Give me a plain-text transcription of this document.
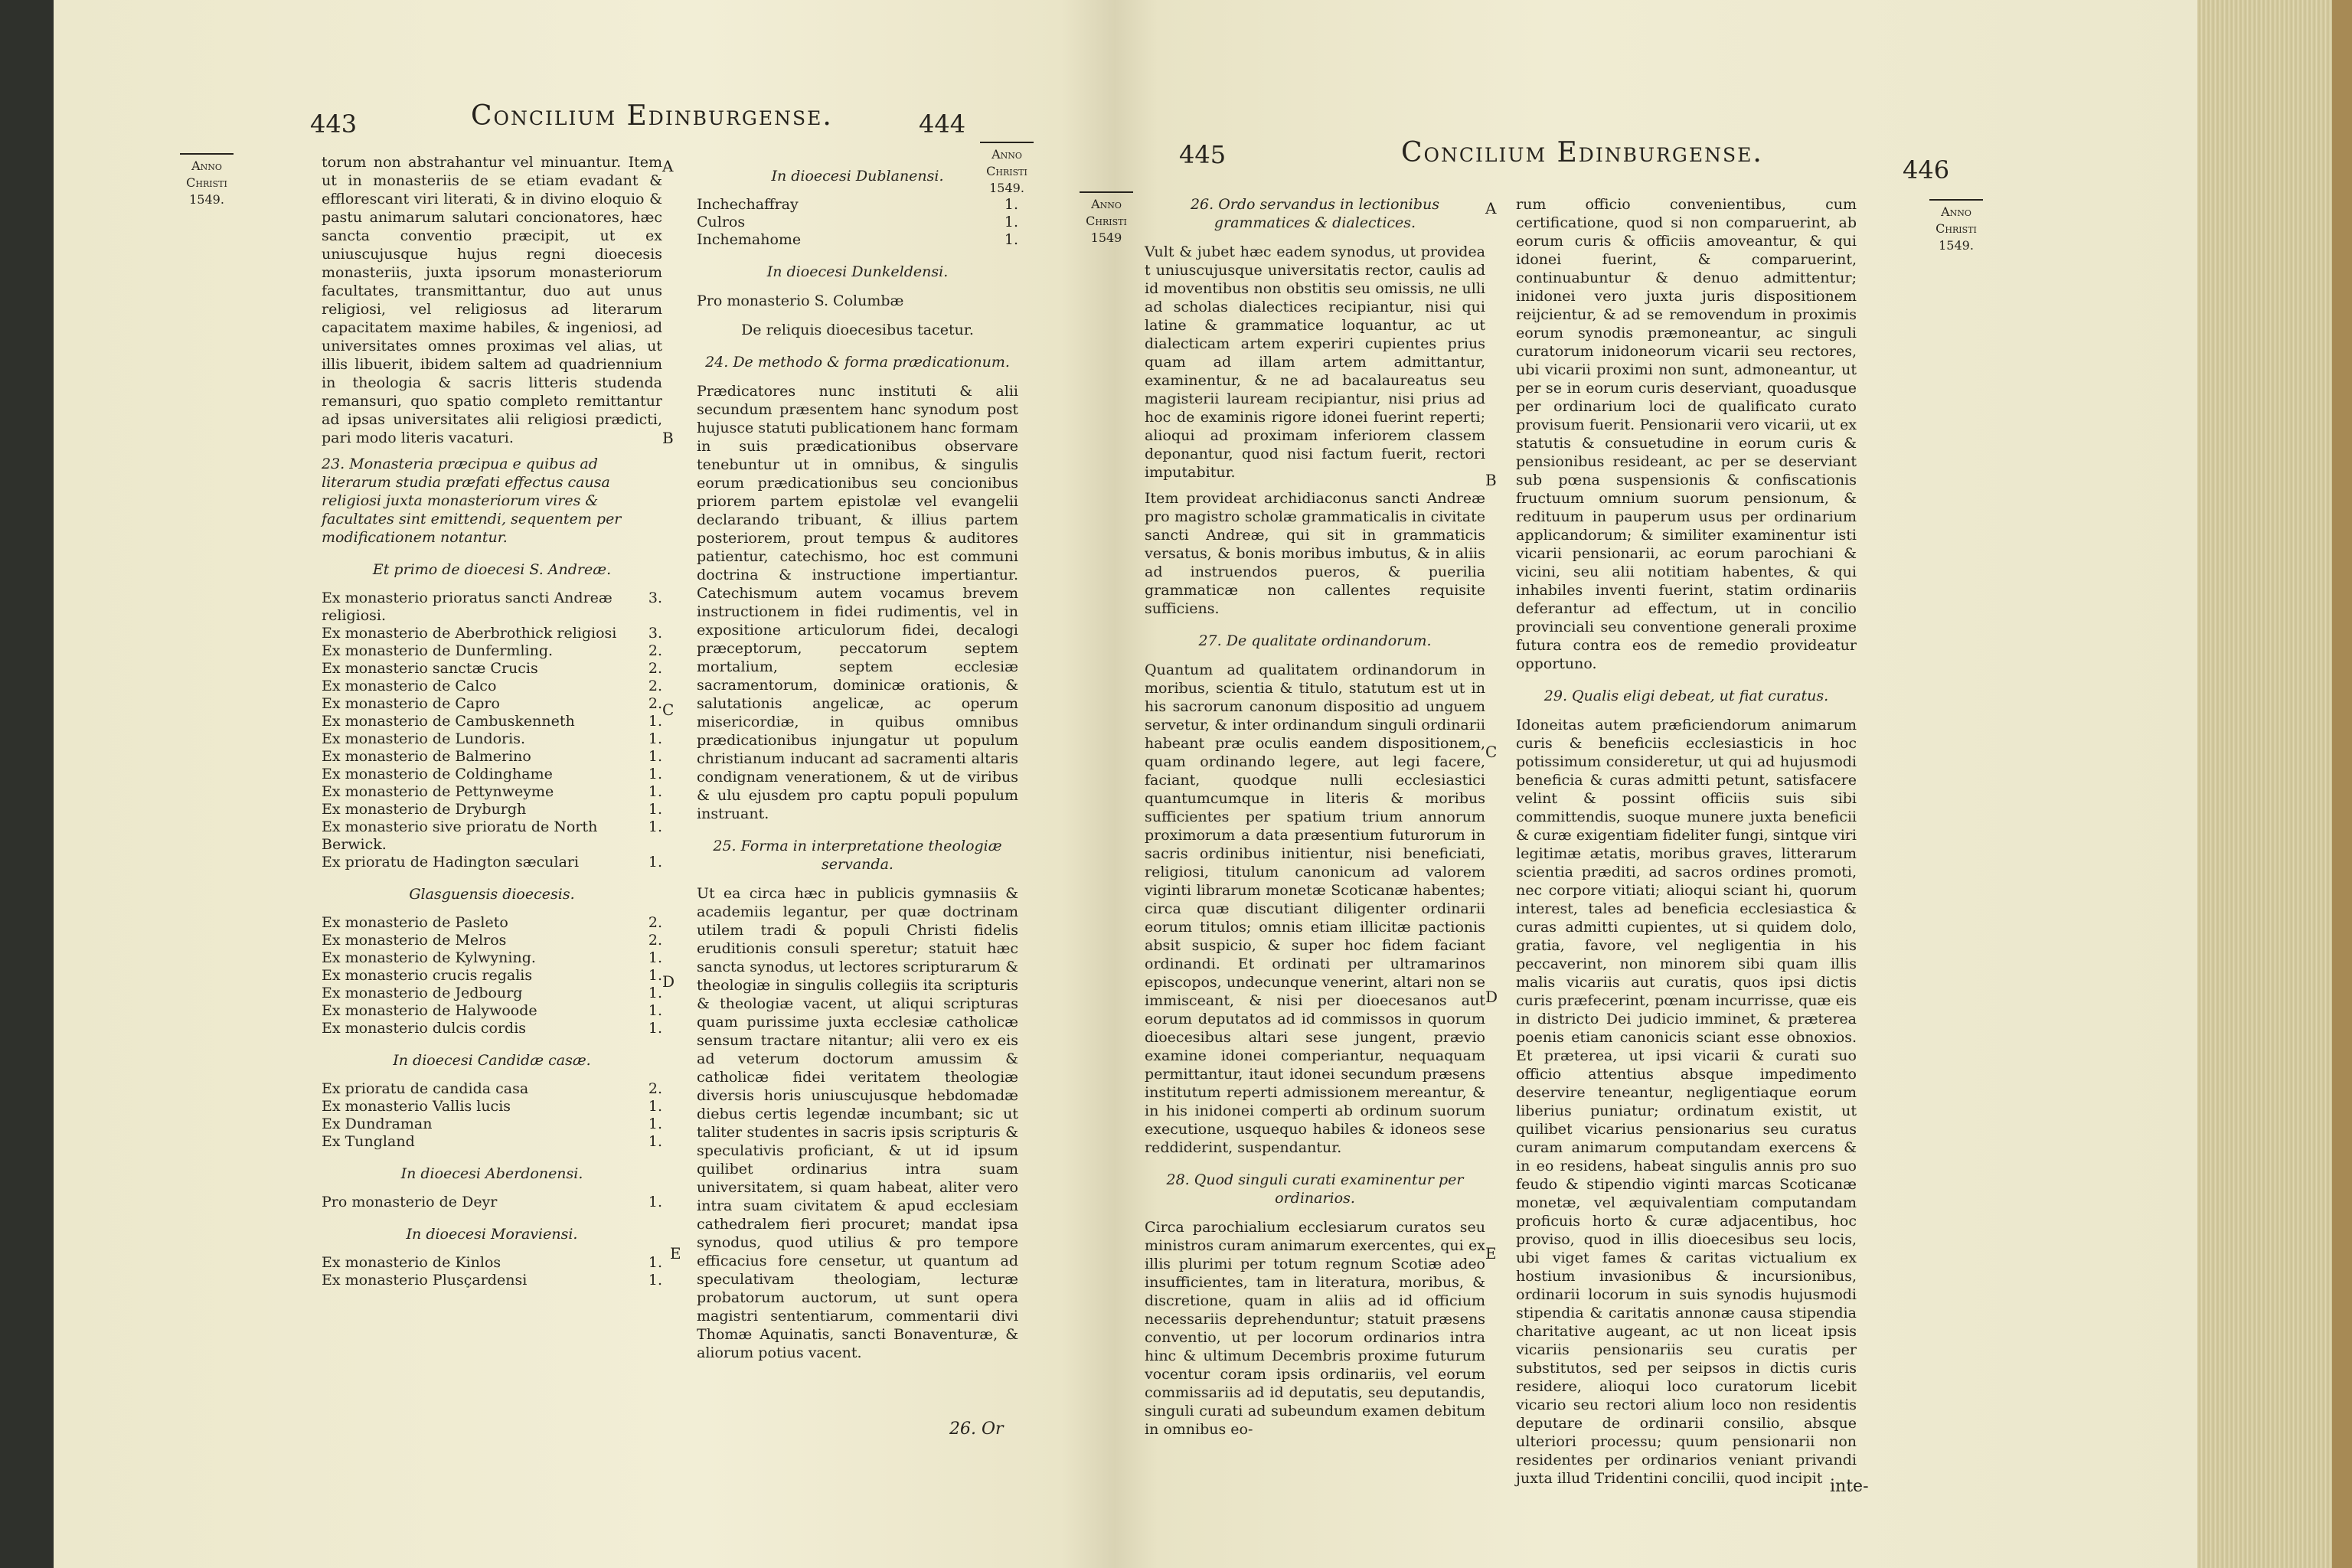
443	Concilium Edinburgense.	444
Anno
Christi
1549.
Anno
Christi
1549.
A
B
C
D
E

torum non abstrahantur vel minuantur. Item ut in monasteriis de se etiam evadant & efflorescant viri literati, & in divino eloquio & pastu animarum salutari concionatores, hæc sancta conventio præcipit, ut ex uniuscujusque hujus regni dioecesis monasteriis, juxta ipsorum monasteriorum facultates, transmittantur, duo aut unus religiosi, vel religiosus ad literarum capacitatem maxime habiles, & ingeniosi, ad universitates omnes proximas vel alias, ut illis libuerit, ibidem saltem ad quadriennium in theologia & sacris litteris studenda remansuri, quo spatio completo remittantur ad ipsas universitates alii religiosi prædicti, pari modo literis vacaturi.

23. Monasteria præcipua e quibus ad literarum studia præfati effectus causa religiosi juxta monasteriorum vires & facultates sint emittendi, sequentem per modificationem notantur.

Et primo de dioecesi S. Andreæ.
Ex monasterio prioratus sancti Andreæ religiosi.	3.
Ex monasterio de Aberbrothick religiosi	3.
Ex monasterio de Dunfermling.	2.
Ex monasterio sanctæ Crucis	2.
Ex monasterio de Calco	2.
Ex monasterio de Capro	2.
Ex monasterio de Cambuskenneth	1.
Ex monasterio de Lundoris.	1.
Ex monasterio de Balmerino	1.
Ex monasterio de Coldinghame	1.
Ex monasterio de Pettynweyme	1.
Ex monasterio de Dryburgh	1.
Ex monasterio sive prioratu de North Berwick.	1.
Ex prioratu de Hadington sæculari	1.
Glasguensis dioecesis.
Ex monasterio de Pasleto	2.
Ex monasterio de Melros	2.
Ex monasterio de Kylwyning.	1.
Ex monasterio crucis regalis	1.
Ex monasterio de Jedbourg	1.
Ex monasterio de Halywoode	1.
Ex monasterio dulcis cordis	1.
In dioecesi Candidæ casæ.
Ex prioratu de candida casa	2.
Ex monasterio Vallis lucis	1.
Ex Dundraman	1.
Ex Tungland	1.
In dioecesi Aberdonensi.
Pro monasterio de Deyr	1.
In dioecesi Moraviensi.
Ex monasterio de Kinlos	1.
Ex monasterio Plusçardensi	1.
In dioecesi Dublanensi.
Inchechaffray	1.
Culros	1.
Inchemahome	1.
In dioecesi Dunkeldensi.

Pro monasterio S. Columbæ

De reliquis dioecesibus tacetur.

24. De methodo & forma prædicationum.

Prædicatores nunc instituti & alii secundum præsentem hanc synodum post hujusce statuti publicationem hanc formam in suis prædicationibus observare tenebuntur ut in omnibus, & singulis eorum prædicationibus seu concionibus priorem partem epistolæ vel evangelii declarando tribuant, & illius partem posteriorem, prout tempus & auditores patientur, catechismo, hoc est communi doctrina & instructione impertiantur. Catechismum autem vocamus brevem instructionem in fidei rudimentis, vel in expositione articulorum fidei, decalogi præceptorum, peccatorum septem mortalium, septem ecclesiæ sacramentorum, dominicæ orationis, & salutationis angelicæ, ac operum misericordiæ, in quibus omnibus prædicationibus injungatur ut populum christianum inducant ad sacramenti altaris condignam venerationem, & ut de viribus & ulu ejusdem pro captu populi populum instruant.

25. Forma in interpretatione theologiæ servanda.

Ut ea circa hæc in publicis gymnasiis & academiis legantur, per quæ doctrinam utilem tradi & populi Christi fidelis eruditionis consuli speretur; statuit hæc sancta synodus, ut lectores scripturarum & theologiæ in singulis collegiis ita scripturis & theologiæ vacent, ut aliqui scripturas quam purissime juxta ecclesiæ catholicæ sensum tractare nitantur; alii vero ex eis ad veterum doctorum amussim & catholicæ fidei veritatem theologiæ diversis horis uniuscujusque hebdomadæ diebus certis legendæ incumbant; sic ut taliter studentes in sacris ipsis scripturis & speculativis proficiant, & ut id ipsum quilibet ordinarius intra suam universitatem, si quam habeat, aliter vero intra suam civitatem & apud ecclesiam cathedralem fieri procuret; mandat ipsa synodus, quod utilius & pro tempore efficacius fore censetur, ut quantum ad speculativam theologiam, lecturæ probatorum auctorum, ut sunt opera magistri sententiarum, commentarii divi Thomæ Aquinatis, sancti Bonaventuræ, & aliorum potius vacent.

26. Or
445	Concilium Edinburgense.
446
Anno
Christi
1549
Anno
Christi
1549.
A
B
C
D
E
26. Ordo servandus in lectionibus grammatices & dialectices.

Vult & jubet hæc eadem synodus, ut providea t uniuscujusque universitatis rector, caulis ad id moventibus non obstitis seu omissis, ne ulli ad scholas dialectices recipiantur, nisi qui latine & grammatice loquantur, ac ut dialecticam artem experiri cupientes prius quam ad illam artem admittantur, examinentur, & ne ad bacalaureatus seu magisterii lauream recipiantur, nisi prius ad hoc de examinis rigore idonei fuerint reperti; alioqui ad proximam inferiorem classem deponantur, quod nisi factum fuerit, rectori imputabitur.

Item provideat archidiaconus sancti Andreæ pro magistro scholæ grammaticalis in civitate sancti Andreæ, qui sit in grammaticis versatus, & bonis moribus imbutus, & in aliis ad instruendos pueros, & puerilia grammaticæ non callentes requisite sufficiens.

27. De qualitate ordinandorum.

Quantum ad qualitatem ordinandorum in moribus, scientia & titulo, statutum est ut in his sacrorum canonum dispositio ad unguem servetur, & inter ordinandum singuli ordinarii habeant præ oculis eandem dispositionem, quam ordinando legere, aut legi facere, faciant, quodque nulli ecclesiastici quantumcumque in literis & moribus sufficientes per spatium trium annorum proximorum a data præsentium futurorum in sacris ordinibus initientur, nisi beneficiati, religiosi, titulum canonicum ad valorem viginti librarum monetæ Scoticanæ habentes; circa quæ discutiant diligenter ordinarii eorum titulos; omnis etiam illicitæ pactionis absit suspicio, & super hoc fidem faciant ordinandi. Et ordinati per ultramarinos episcopos, undecunque venerint, altari non se immisceant, & nisi per dioecesanos aut eorum deputatos ad id commissos in quorum dioecesibus altari sese jungent, prævio examine idonei comperiantur, nequaquam permittantur, itaut idonei secundum præsens institutum reperti admissionem mereantur, & in his inidonei comperti ab ordinum suorum executione, usquequo habiles & idoneos sese reddiderint, suspendantur.

28. Quod singuli curati examinentur per ordinarios.

Circa parochialium ecclesiarum curatos seu ministros curam animarum exercentes, qui ex illis plurimi per totum regnum Scotiæ adeo insufficientes, tam in literatura, moribus, & discretione, quam in aliis ad id officium necessariis deprehenduntur; statuit præsens conventio, ut per locorum ordinarios intra hinc & ultimum Decembris proxime futurum vocentur coram ipsis ordinariis, vel eorum commissariis ad id deputatis, seu deputandis, singuli curati ad subeundum examen debitum in omnibus eo-

rum officio convenientibus, cum certificatione, quod si non comparuerint, ab eorum curis & officiis amoveantur, & qui idonei fuerint, & comparuerint, continuabuntur & denuo admittentur; inidonei vero juxta juris dispositionem reijcientur, & ad se removendum in proximis eorum synodis præmoneantur, ac singuli curatorum inidoneorum vicarii seu rectores, ubi vicarii proximi non sunt, admoneantur, ut per se in eorum curis deserviant, quoadusque per ordinarium loci de qualificato curato provisum fuerit. Pensionarii vero vicarii, ut ex statutis & consuetudine in eorum curis & pensionibus resideant, ac per se deserviant sub pœna suspensionis & confiscationis fructuum omnium suorum pensionum, & redituum in pauperum usus per ordinarium applicandorum; & similiter examinentur isti vicarii pensionarii, ac eorum parochiani & vicini, seu alii notitiam habentes, & qui inhabiles inventi fuerint, statim ordinariis deferantur ad effectum, ut in concilio provinciali seu conventione generali proxime futura contra eos de remedio provideatur opportuno.

29. Qualis eligi debeat, ut fiat curatus.

Idoneitas autem præficiendorum animarum curis & beneficiis ecclesiasticis in hoc potissimum consideretur, ut qui ad hujusmodi beneficia & curas admitti petunt, satisfacere velint & possint officiis suis sibi committendis, suoque munere juxta beneficii & curæ exigentiam fideliter fungi, sintque viri legitimæ ætatis, moribus graves, litterarum scientia præditi, ad sacros ordines promoti, nec corpore vitiati; alioqui sciant hi, quorum interest, tales ad beneficia ecclesiastica & curas admitti cupientes, ut si quidem dolo, gratia, favore, vel negligentia in his peccaverint, non minorem sibi quam illis malis vicariis aut curatis, quos ipsi dictis curis præfecerint, pœnam incurrisse, quæ eis in districto Dei judicio imminet, & præterea poenis etiam canonicis sciant esse obnoxios. Et præterea, ut ipsi vicarii & curati suo officio attentius absque impedimento deservire teneantur, negligentiaque eorum liberius puniatur; ordinatum existit, ut quilibet vicarius pensionarius seu curatus curam animarum computandam exercens & in eo residens, habeat singulis annis pro suo feudo & stipendio viginti marcas Scoticanæ monetæ, vel æquivalentiam computandam proficuis horto & curæ adjacentibus, hoc proviso, quod in illis dioecesibus seu locis, ubi viget fames & caritas victualium ex hostium invasionibus & incursionibus, ordinarii locorum in suis synodis hujusmodi stipendia & caritatis annonæ causa stipendia charitative augeant, ac ut non liceat ipsis vicariis pensionariis seu curatis per substitutos, sed per seipsos in dictis curis residere, alioqui loco curatorum licebit vicario seu rectori alium loco non residentis deputare de ordinarii consilio, absque ulteriori processu; quum pensionarii non residentes per ordinarios veniant privandi juxta illud Tridentini concilii, quod incipit inte-
